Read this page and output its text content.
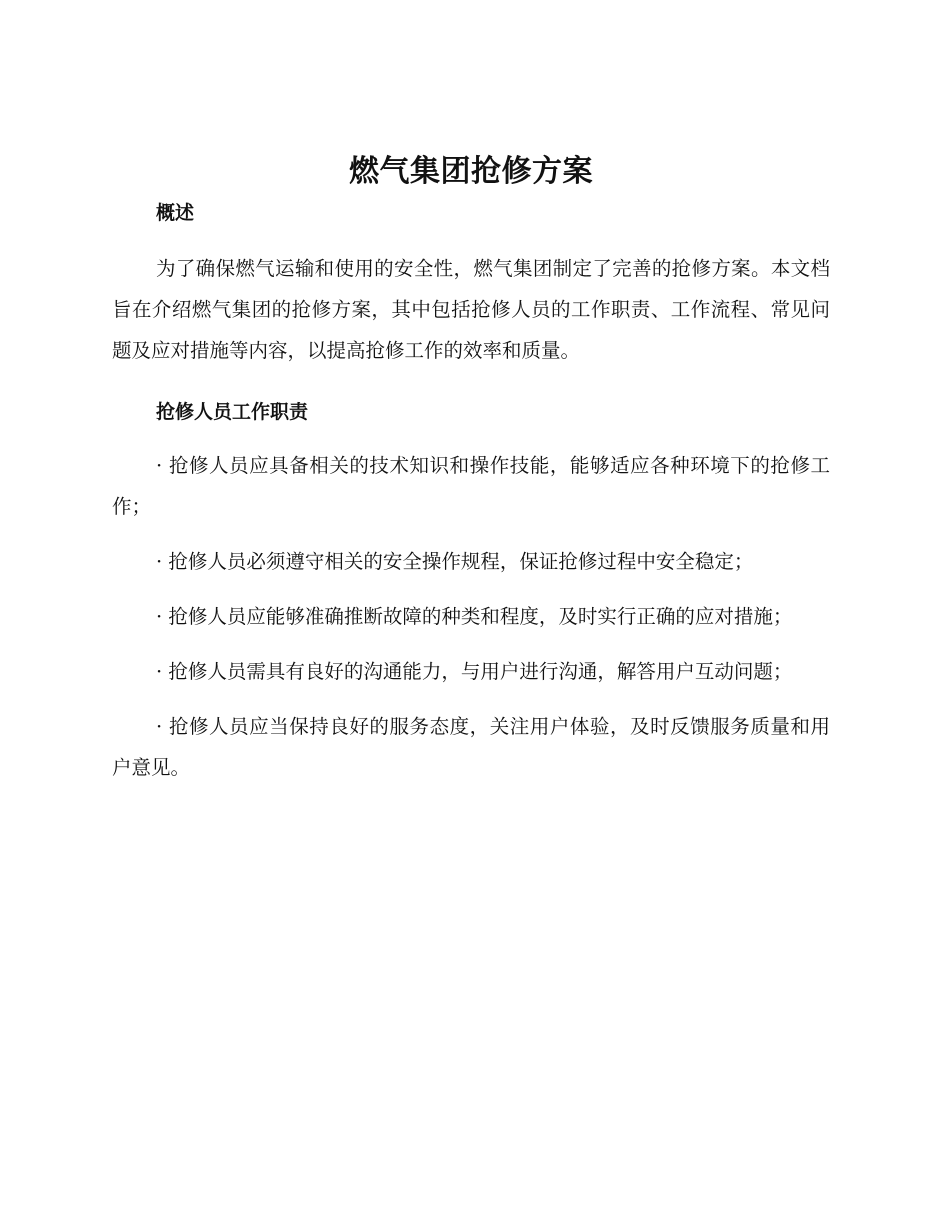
燃气集团抢修方案
概述

为了确保燃气运输和使用的安全性，燃气集团制定了完善的抢修方案。本文档旨在介绍燃气集团的抢修方案，其中包括抢修人员的工作职责、工作流程、常见问题及应对措施等内容，以提高抢修工作的效率和质量。

抢修人员工作职责

· 抢修人员应具备相关的技术知识和操作技能，能够适应各种环境下的抢修工作；

· 抢修人员必须遵守相关的安全操作规程，保证抢修过程中安全稳定；

· 抢修人员应能够准确推断故障的种类和程度，及时实行正确的应对措施；

· 抢修人员需具有良好的沟通能力，与用户进行沟通，解答用户互动问题；

· 抢修人员应当保持良好的服务态度，关注用户体验，及时反馈服务质量和用户意见。
